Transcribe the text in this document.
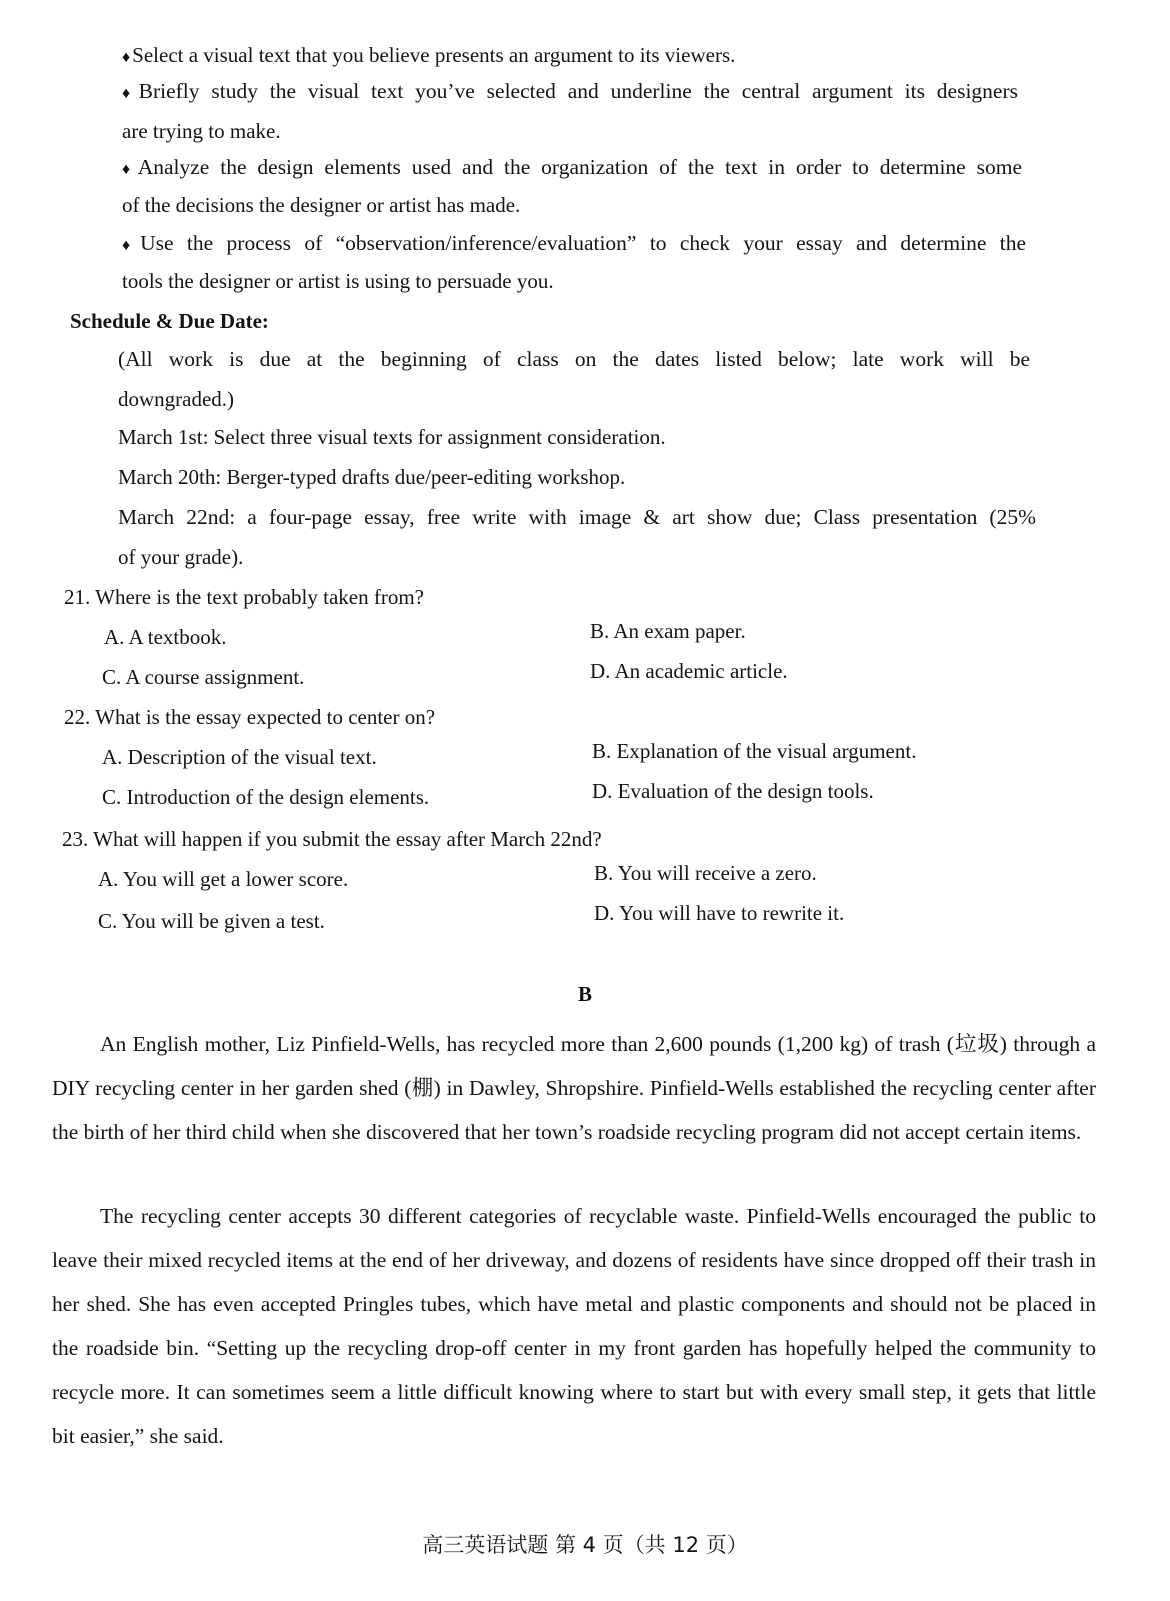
♦Select a visual text that you believe presents an argument to its viewers.
♦Briefly study the visual text you’ve selected and underline the central argument its designers
are trying to make.
♦Analyze the design elements used and the organization of the text in order to determine some
of the decisions the designer or artist has made.
♦Use the process of “observation/inference/evaluation” to check your essay and determine the
tools the designer or artist is using to persuade you.
Schedule & Due Date:
(All work is due at the beginning of class on the dates listed below; late work will be
downgraded.)
March 1st: Select three visual texts for assignment consideration.
March 20th: Berger-typed drafts due/peer-editing workshop.
March 22nd: a four-page essay, free write with image & art show due; Class presentation (25%
of your grade).
21. Where is the text probably taken from?
A. A textbook.	B. An exam paper.
C. A course assignment.	D. An academic article.
22. What is the essay expected to center on?
A. Description of the visual text.	B. Explanation of the visual argument.
C. Introduction of the design elements.	D. Evaluation of the design tools.
23. What will happen if you submit the essay after March 22nd?
A. You will get a lower score.	B. You will receive a zero.
C. You will be given a test.	D. You will have to rewrite it.
B
An English mother, Liz Pinfield-Wells, has recycled more than 2,600 pounds (1,200 kg) of trash (垃圾) through a DIY recycling center in her garden shed (棚) in Dawley, Shropshire. Pinfield-Wells established the recycling center after the birth of her third child when she discovered that her town’s roadside recycling program did not accept certain items.
The recycling center accepts 30 different categories of recyclable waste. Pinfield-Wells encouraged the public to leave their mixed recycled items at the end of her driveway, and dozens of residents have since dropped off their trash in her shed. She has even accepted Pringles tubes, which have metal and plastic components and should not be placed in the roadside bin. “Setting up the recycling drop-off center in my front garden has hopefully helped the community to recycle more. It can sometimes seem a little difficult knowing where to start but with every small step, it gets that little bit easier,” she said.
高三英语试题 第 4 页（共 12 页）
